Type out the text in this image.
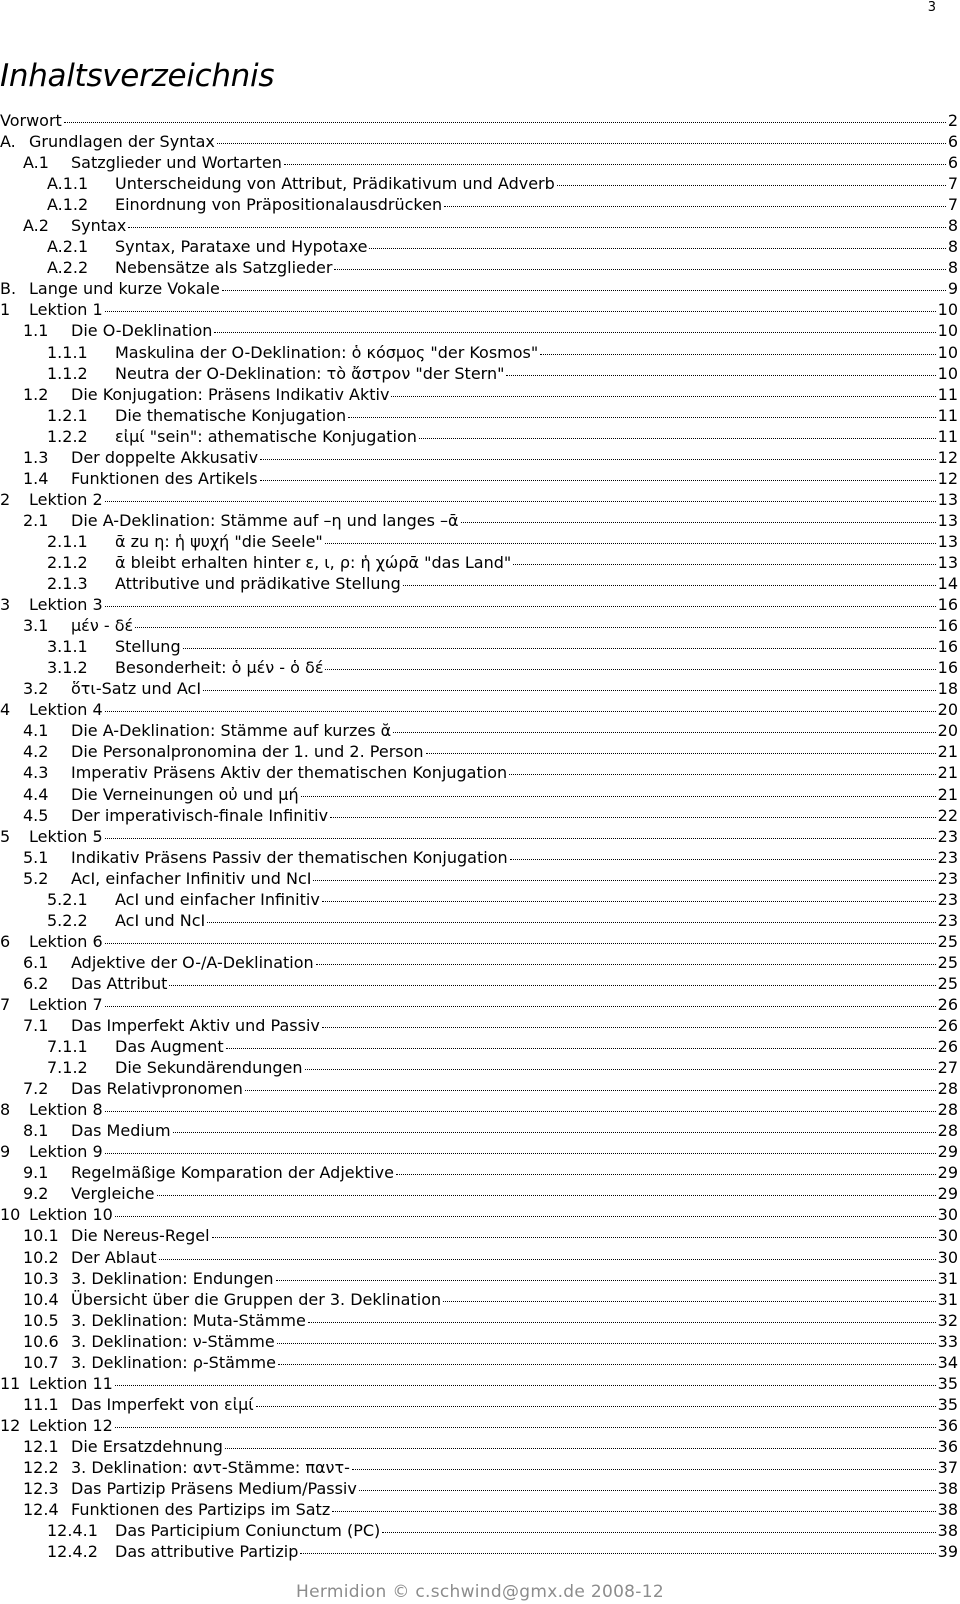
3
Inhaltsverzeichnis
Vorwort	2
A. Grundlagen der Syntax	6
A.1	Satzglieder und Wortarten	6
A.1.1	Unterscheidung von Attribut, Prädikativum und Adverb	7
A.1.2	Einordnung von Präpositionalausdrücken	7
A.2	Syntax	8
A.2.1	Syntax, Parataxe und Hypotaxe	8
A.2.2	Nebensätze als Satzglieder	8
B. Lange und kurze Vokale	9
1	Lektion 1	10
1.1	Die O-Deklination	10
1.1.1	Maskulina der O-Deklination: ὁ κόσμος "der Kosmos"	10
1.1.2	Neutra der O-Deklination: τὸ ἄστρον "der Stern"	10
1.2	Die Konjugation: Präsens Indikativ Aktiv	11
1.2.1	Die thematische Konjugation	11
1.2.2	εἰμί "sein": athematische Konjugation	11
1.3	Der doppelte Akkusativ	12
1.4	Funktionen des Artikels	12
2	Lektion 2	13
2.1	Die A-Deklination: Stämme auf –η und langes –ᾱ	13
2.1.1	ᾱ zu η: ἡ ψυχή "die Seele"	13
2.1.2	ᾱ bleibt erhalten hinter ε, ι, ρ: ἡ χώρᾱ "das Land"	13
2.1.3	Attributive und prädikative Stellung	14
3	Lektion 3	16
3.1	μέν - δέ	16
3.1.1	Stellung	16
3.1.2	Besonderheit: ὁ μέν - ὁ δέ	16
3.2	ὅτι-Satz und AcI	18
4	Lektion 4	20
4.1	Die A-Deklination: Stämme auf kurzes ᾰ	20
4.2	Die Personalpronomina der 1. und 2. Person	21
4.3	Imperativ Präsens Aktiv der thematischen Konjugation	21
4.4	Die Verneinungen οὐ und μή	21
4.5	Der imperativisch-finale Infinitiv	22
5	Lektion 5	23
5.1	Indikativ Präsens Passiv der thematischen Konjugation	23
5.2	AcI, einfacher Infinitiv und NcI	23
5.2.1	AcI und einfacher Infinitiv	23
5.2.2	AcI und NcI	23
6	Lektion 6	25
6.1	Adjektive der O-/A-Deklination	25
6.2	Das Attribut	25
7	Lektion 7	26
7.1	Das Imperfekt Aktiv und Passiv	26
7.1.1	Das Augment	26
7.1.2	Die Sekundärendungen	27
7.2	Das Relativpronomen	28
8	Lektion 8	28
8.1	Das Medium	28
9	Lektion 9	29
9.1	Regelmäßige Komparation der Adjektive	29
9.2	Vergleiche	29
10 Lektion 10	30
10.1 Die Nereus-Regel	30
10.2 Der Ablaut	30
10.3 3. Deklination: Endungen	31
10.4 Übersicht über die Gruppen der 3. Deklination	31
10.5 3. Deklination: Muta-Stämme	32
10.6 3. Deklination: ν-Stämme	33
10.7 3. Deklination: ρ-Stämme	34
11 Lektion 11	35
11.1 Das Imperfekt von εἰμί	35
12 Lektion 12	36
12.1 Die Ersatzdehnung	36
12.2 3. Deklination: αντ-Stämme: παντ-	37
12.3 Das Partizip Präsens Medium/Passiv	38
12.4 Funktionen des Partizips im Satz	38
12.4.1	Das Participium Coniunctum (PC)	38
12.4.2	Das attributive Partizip	39
Hermidion © c.schwind@gmx.de 2008-12
